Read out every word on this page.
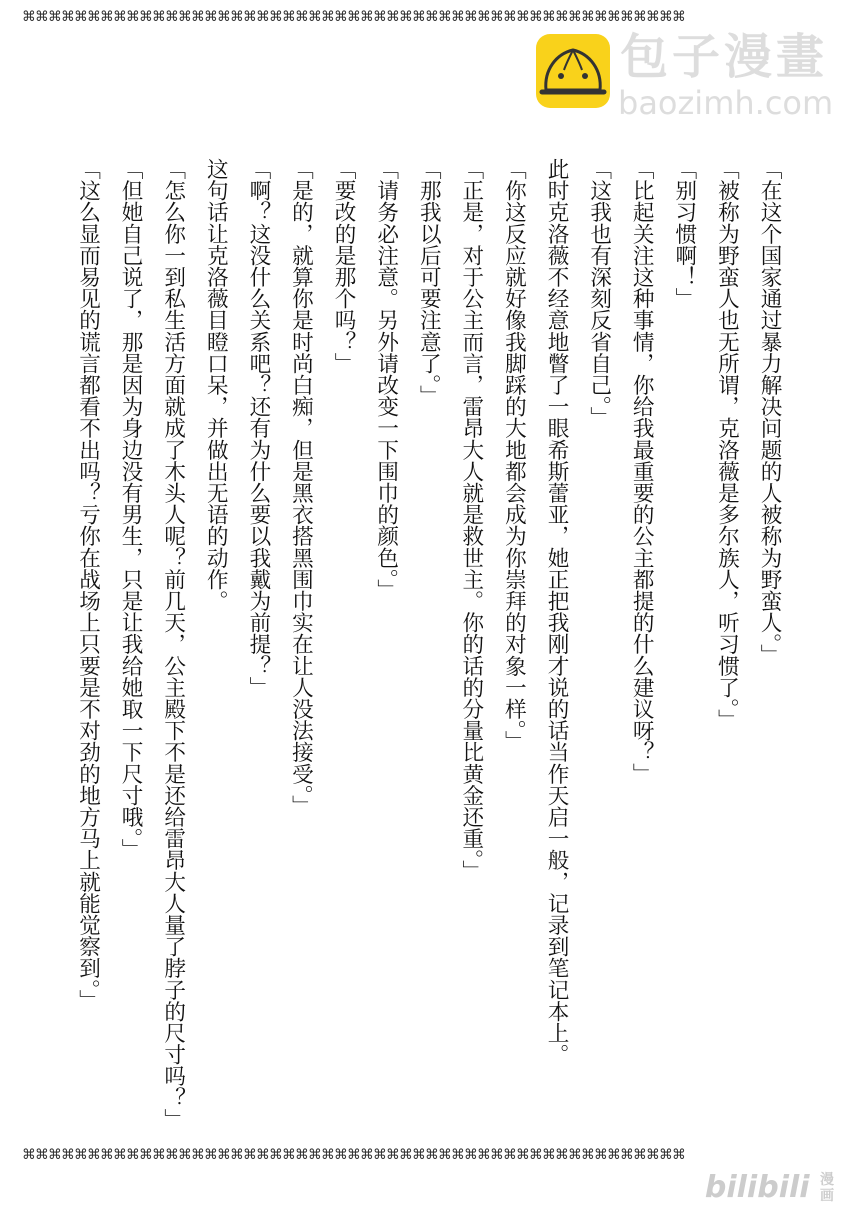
⌘⌘⌘⌘⌘⌘⌘⌘⌘⌘⌘⌘⌘⌘⌘⌘⌘⌘⌘⌘⌘⌘⌘⌘⌘⌘⌘⌘⌘⌘⌘⌘⌘⌘⌘⌘⌘⌘⌘⌘⌘⌘⌘⌘⌘⌘⌘⌘⌘⌘⌘
包子漫畫
baozimh.com
「在这个国家通过暴力解决问题的人被称为野蛮人。」
「被称为野蛮人也无所谓，克洛薇是多尔族人，听习惯了。」
「别习惯啊！」
「比起关注这种事情，你给我最重要的公主都提的什么建议呀？」
「这我也有深刻反省自己。」
此时克洛薇不经意地瞥了一眼希斯蕾亚，她正把我刚才说的话当作天启一般，记录到笔记本上。
「你这反应就好像我脚踩的大地都会成为你崇拜的对象一样。」
「正是，对于公主而言，雷昂大人就是救世主。你的话的分量比黄金还重。」
「那我以后可要注意了。」
「请务必注意。另外请改变一下围巾的颜色。」
「要改的是那个吗？」
「是的，就算你是时尚白痴，但是黑衣搭黑围巾实在让人没法接受。」
「啊？这没什么关系吧？还有为什么要以我戴为前提？」
这句话让克洛薇目瞪口呆，并做出无语的动作。
「怎么你一到私生活方面就成了木头人呢？前几天，公主殿下不是还给雷昂大人量了脖子的尺寸吗？」
「但她自己说了，那是因为身边没有男生，只是让我给她取一下尺寸哦。」
「这么显而易见的谎言都看不出吗？亏你在战场上只要是不对劲的地方马上就能觉察到。」
⌘⌘⌘⌘⌘⌘⌘⌘⌘⌘⌘⌘⌘⌘⌘⌘⌘⌘⌘⌘⌘⌘⌘⌘⌘⌘⌘⌘⌘⌘⌘⌘⌘⌘⌘⌘⌘⌘⌘⌘⌘⌘⌘⌘⌘⌘⌘⌘⌘⌘⌘
bilibili 漫画
